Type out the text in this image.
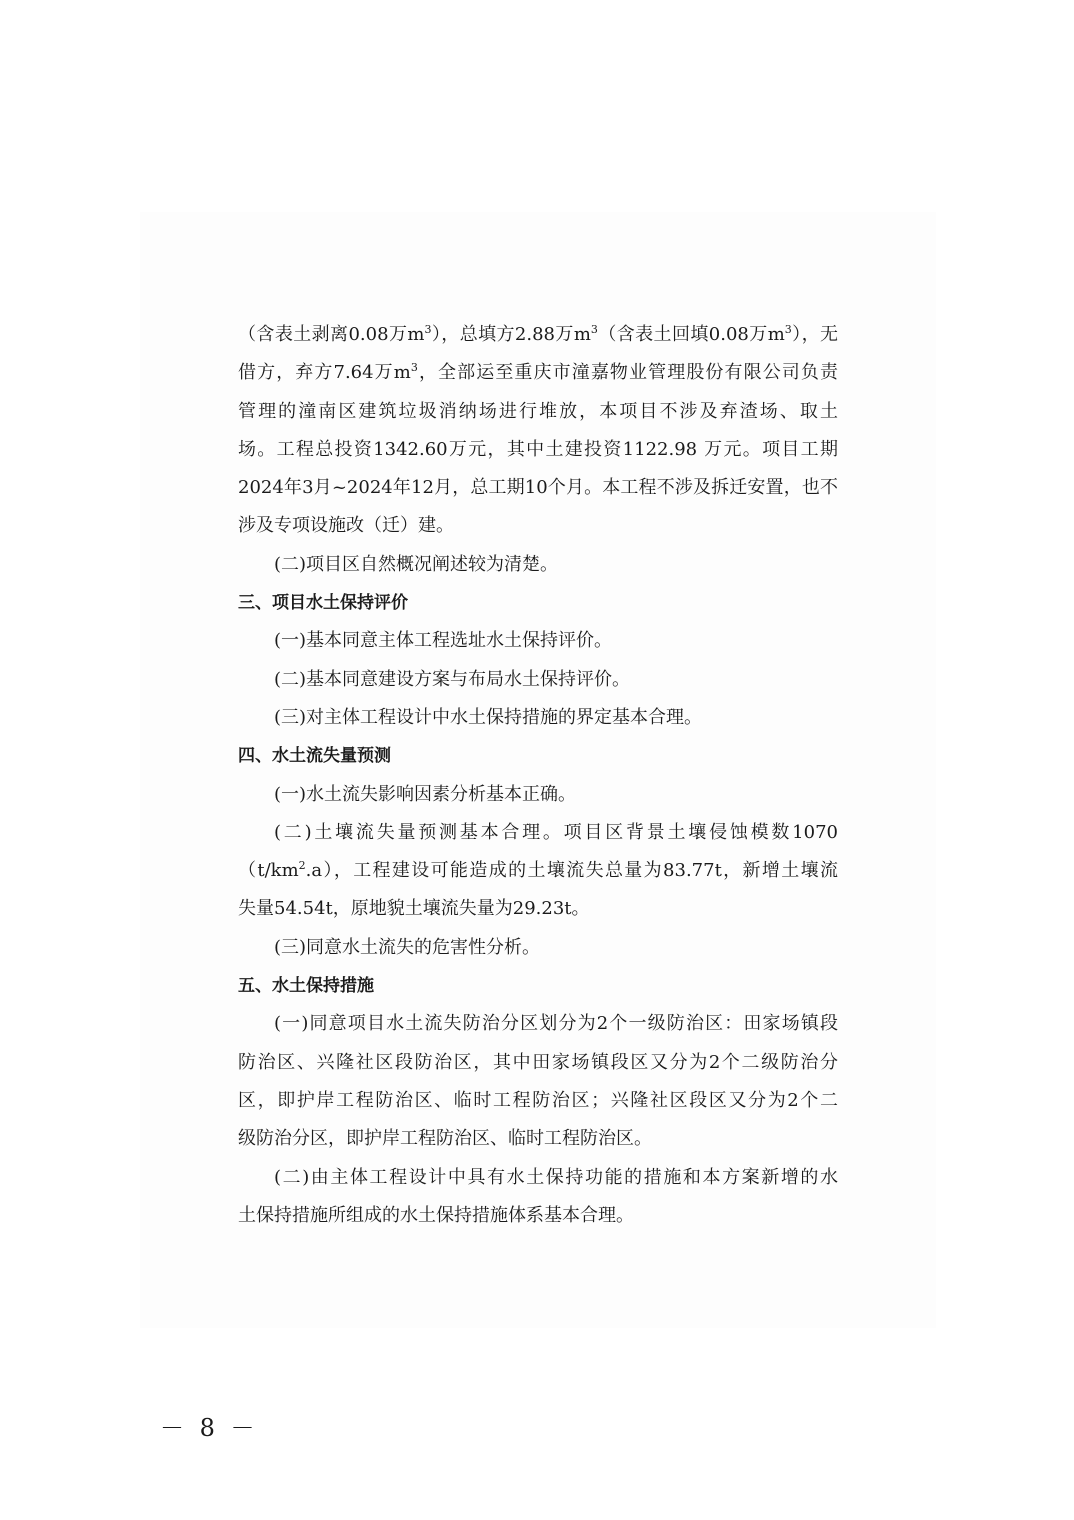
（含表土剥离0.08万$m^3$），总填方2.88万$m^3$（含表土回填0.08万$m^3$），无
借方，弃方7.64万$m^3$，全部运至重庆市潼嘉物业管理股份有限公司负责
管理的潼南区建筑垃圾消纳场进行堆放，本项目不涉及弃渣场、取土
场。工程总投资1342.60万元，其中土建投资1122.98 万元。项目工期
2024年3月~2024年12月，总工期10个月。本工程不涉及拆迁安置，也不
涉及专项设施改（迁）建。
(二)项目区自然概况阐述较为清楚。
三、项目水土保持评价
(一)基本同意主体工程选址水土保持评价。
(二)基本同意建设方案与布局水土保持评价。
(三)对主体工程设计中水土保持措施的界定基本合理。
四、水土流失量预测
(一)水土流失影响因素分析基本正确。
(二)土壤流失量预测基本合理。项目区背景土壤侵蚀模数1070
$(t/km^2.a)$，工程建设可能造成的土壤流失总量为83.77t，新增土壤流
失量54.54t，原地貌土壤流失量为29.23t。
(三)同意水土流失的危害性分析。
五、水土保持措施
(一)同意项目水土流失防治分区划分为2个一级防治区：田家场镇段
防治区、兴隆社区段防治区，其中田家场镇段区又分为2个二级防治分
区，即护岸工程防治区、临时工程防治区；兴隆社区段区又分为2个二
级防治分区，即护岸工程防治区、临时工程防治区。
(二)由主体工程设计中具有水土保持功能的措施和本方案新增的水
土保持措施所组成的水土保持措施体系基本合理。
－ 8 －
